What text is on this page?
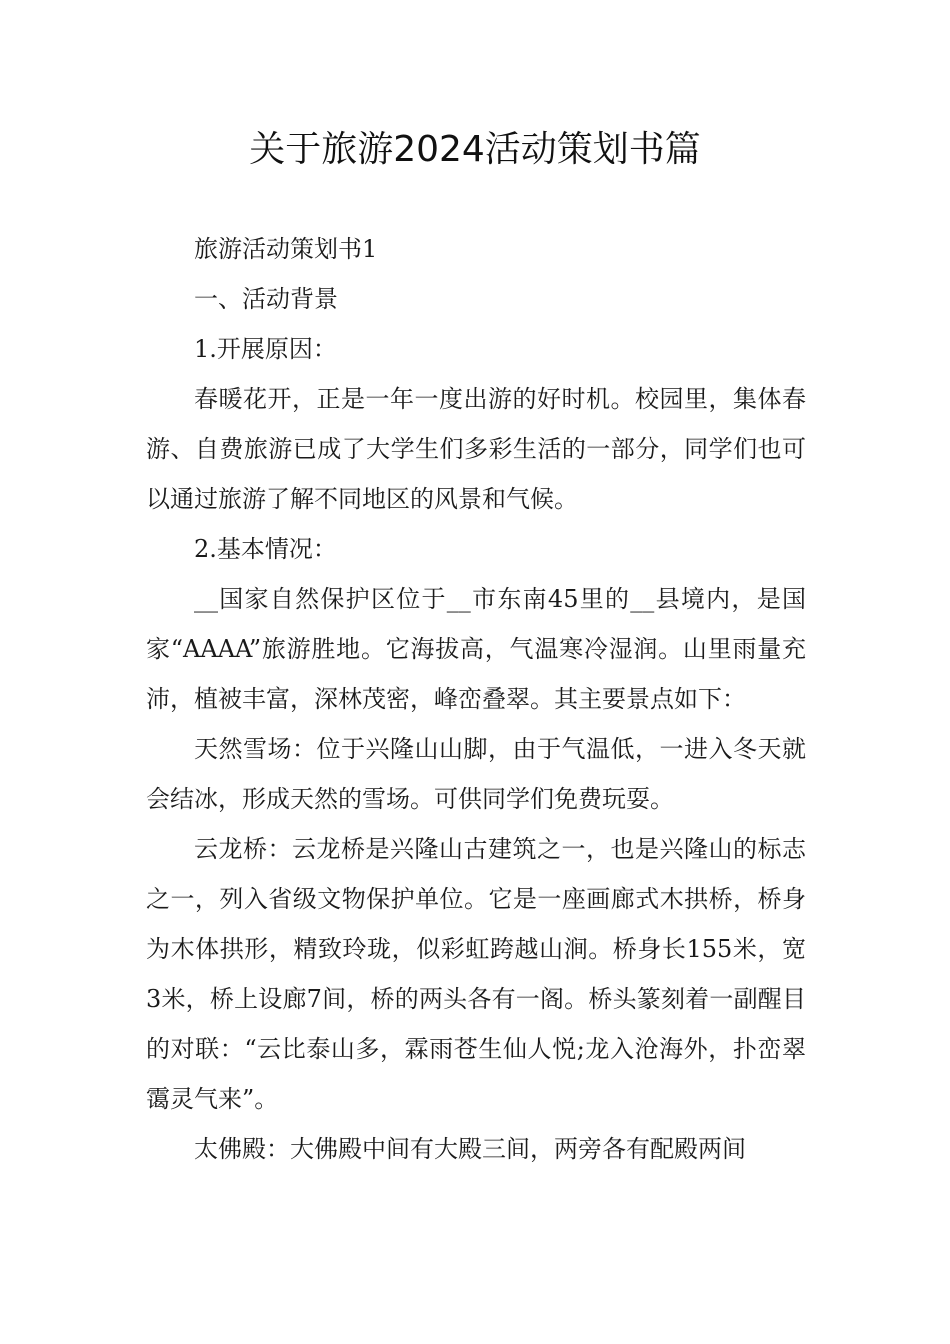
关于旅游2024活动策划书篇

旅游活动策划书1

一、活动背景

1.开展原因：

春暖花开，正是一年一度出游的好时机。校园里，集体春游、自费旅游已成了大学生们多彩生活的一部分，同学们也可以通过旅游了解不同地区的风景和气候。

2.基本情况：

__国家自然保护区位于__市东南45里的__县境内，是国家“AAAA”旅游胜地。它海拔高，气温寒冷湿润。山里雨量充沛，植被丰富，深林茂密，峰峦叠翠。其主要景点如下：

天然雪场：位于兴隆山山脚，由于气温低，一进入冬天就会结冰，形成天然的雪场。可供同学们免费玩耍。

云龙桥：云龙桥是兴隆山古建筑之一，也是兴隆山的标志之一，列入省级文物保护单位。它是一座画廊式木拱桥，桥身为木体拱形，精致玲珑，似彩虹跨越山涧。桥身长155米，宽3米，桥上设廊7间，桥的两头各有一阁。桥头篆刻着一副醒目的对联：“云比泰山多，霖雨苍生仙人悦;龙入沧海外，扑峦翠霭灵气来”。

太佛殿：大佛殿中间有大殿三间，两旁各有配殿两间
